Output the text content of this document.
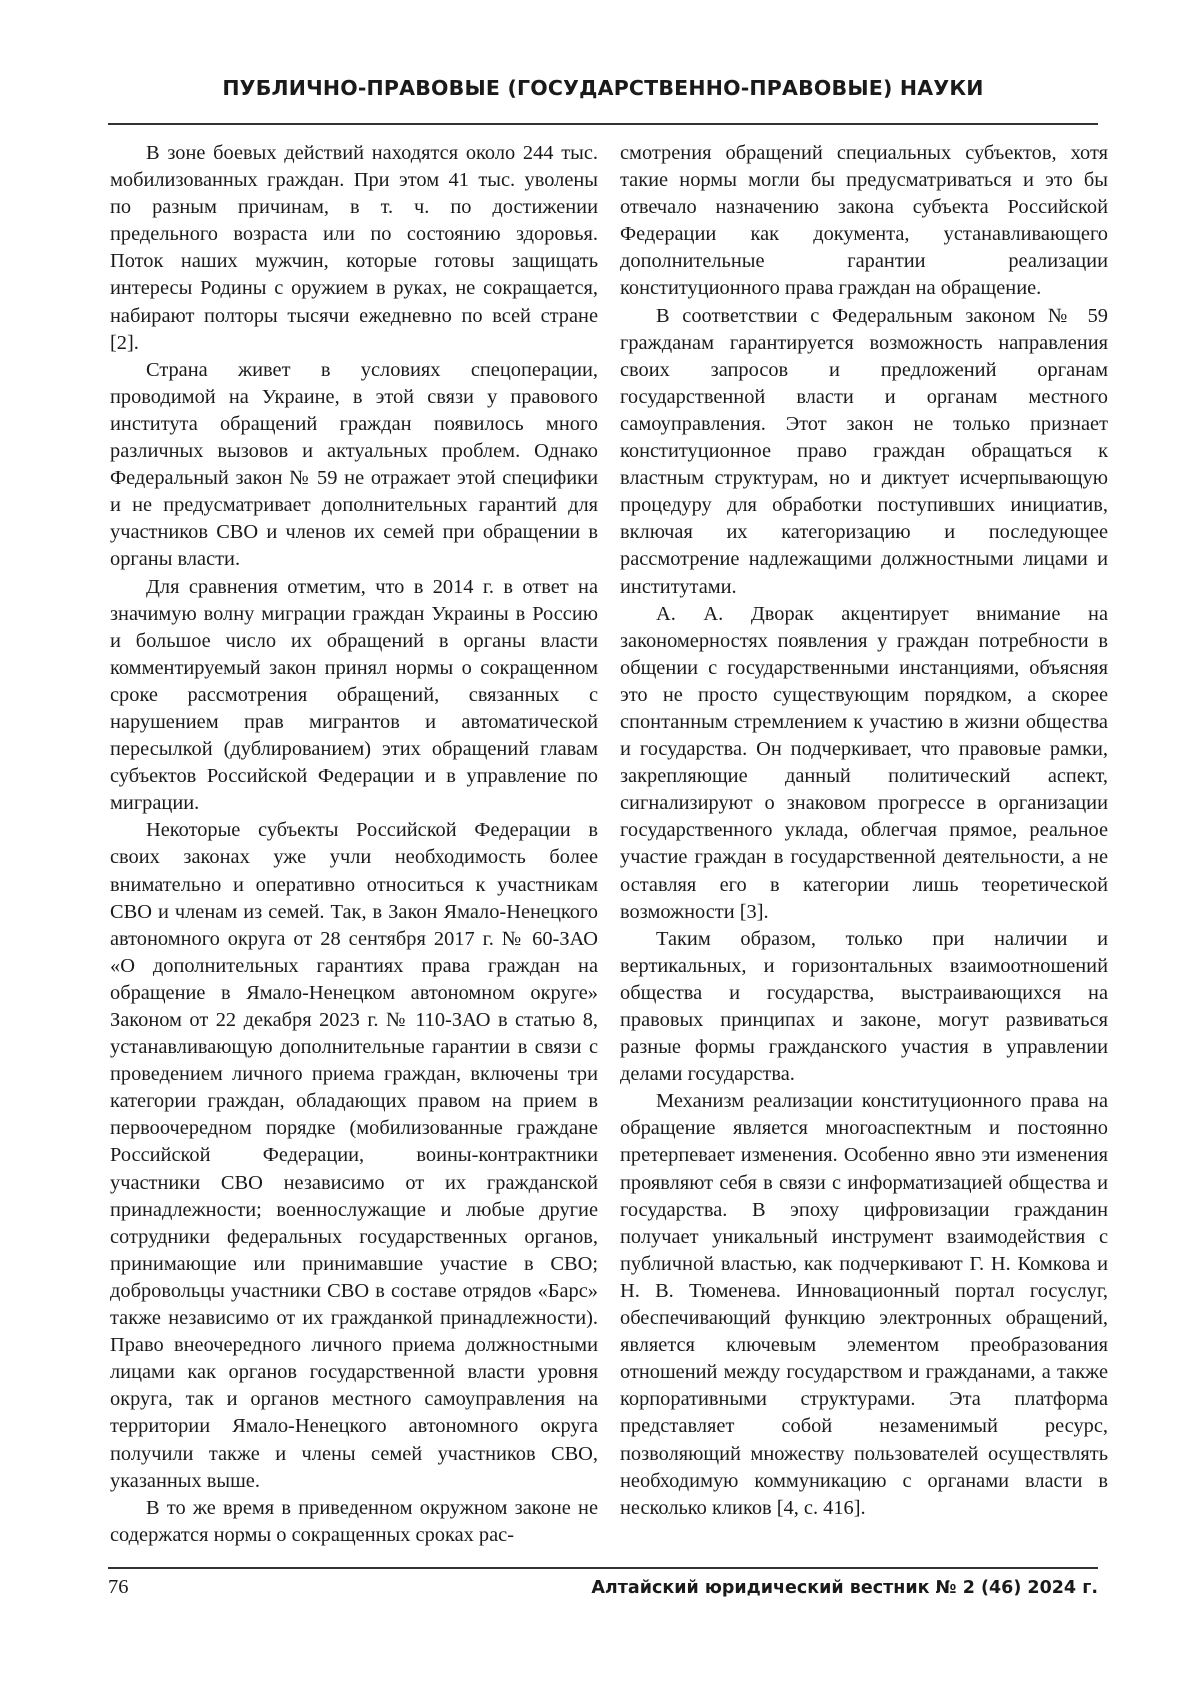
ПУБЛИЧНО-ПРАВОВЫЕ (ГОСУДАРСТВЕННО-ПРАВОВЫЕ) НАУКИ

В зоне боевых действий находятся около 244 тыс. мобилизованных граждан. При этом 41 тыс. уволены по разным причинам, в т. ч. по достижении предельного возраста или по состоянию здоровья. Поток наших мужчин, которые готовы защищать интересы Родины с оружием в руках, не сокращается, набирают полторы тысячи ежедневно по всей стране [2].

Страна живет в условиях спецоперации, проводимой на Украине, в этой связи у правового института обращений граждан появилось много различных вызовов и актуальных проблем. Однако Федеральный закон № 59 не отражает этой специфики и не предусматривает дополнительных гарантий для участников СВО и членов их семей при обращении в органы власти.

Для сравнения отметим, что в 2014 г. в ответ на значимую волну миграции граждан Украины в Россию и большое число их обращений в органы власти комментируемый закон принял нормы о сокращенном сроке рассмотрения обращений, связанных с нарушением прав мигрантов и автоматической пересылкой (дублированием) этих обращений главам субъектов Российской Федерации и в управление по миграции.

Некоторые субъекты Российской Федерации в своих законах уже учли необходимость более внимательно и оперативно относиться к участникам СВО и членам из семей. Так, в Закон Ямало-Ненецкого автономного округа от 28 сентября 2017 г. № 60-ЗАО «О дополнительных гарантиях права граждан на обращение в Ямало-Ненецком автономном округе» Законом от 22 декабря 2023 г. № 110-ЗАО в статью 8, устанавливающую дополнительные гарантии в связи с проведением личного приема граждан, включены три категории граждан, обладающих правом на прием в первоочередном порядке (мобилизованные граждане Российской Федерации, воины-контрактники участники СВО независимо от их гражданской принадлежности; военнослужащие и любые другие сотрудники федеральных государственных органов, принимающие или принимавшие участие в СВО; добровольцы участники СВО в составе отрядов «Барс» также независимо от их гражданкой принадлежности). Право внеочередного личного приема должностными лицами как органов государственной власти уровня округа, так и органов местного самоуправления на территории Ямало-Ненецкого автономного округа получили также и члены семей участников СВО, указанных выше.

В то же время в приведенном окружном законе не содержатся нормы о сокращенных сроках рас-

смотрения обращений специальных субъектов, хотя такие нормы могли бы предусматриваться и это бы отвечало назначению закона субъекта Российской Федерации как документа, устанавливающего дополнительные гарантии реализации конституционного права граждан на обращение.

В соответствии с Федеральным законом № 59 гражданам гарантируется возможность направления своих запросов и предложений органам государственной власти и органам местного самоуправления. Этот закон не только признает конституционное право граждан обращаться к властным структурам, но и диктует исчерпывающую процедуру для обработки поступивших инициатив, включая их категоризацию и последующее рассмотрение надлежащими должностными лицами и институтами.

А. А. Дворак акцентирует внимание на закономерностях появления у граждан потребности в общении с государственными инстанциями, объясняя это не просто существующим порядком, а скорее спонтанным стремлением к участию в жизни общества и государства. Он подчеркивает, что правовые рамки, закрепляющие данный политический аспект, сигнализируют о знаковом прогрессе в организации государственного уклада, облегчая прямое, реальное участие граждан в государственной деятельности, а не оставляя его в категории лишь теоретической возможности [3].

Таким образом, только при наличии и вертикальных, и горизонтальных взаимоотношений общества и государства, выстраивающихся на правовых принципах и законе, могут развиваться разные формы гражданского участия в управлении делами государства.

Механизм реализации конституционного права на обращение является многоаспектным и постоянно претерпевает изменения. Особенно явно эти изменения проявляют себя в связи с информатизацией общества и государства. В эпоху цифровизации гражданин получает уникальный инструмент взаимодействия с публичной властью, как подчеркивают Г. Н. Комкова и Н. В. Тюменева. Инновационный портал госуслуг, обеспечивающий функцию электронных обращений, является ключевым элементом преобразования отношений между государством и гражданами, а также корпоративными структурами. Эта платформа представляет собой незаменимый ресурс, позволяющий множеству пользователей осуществлять необходимую коммуникацию с органами власти в несколько кликов [4, с. 416].

76	Алтайский юридический вестник № 2 (46) 2024 г.
